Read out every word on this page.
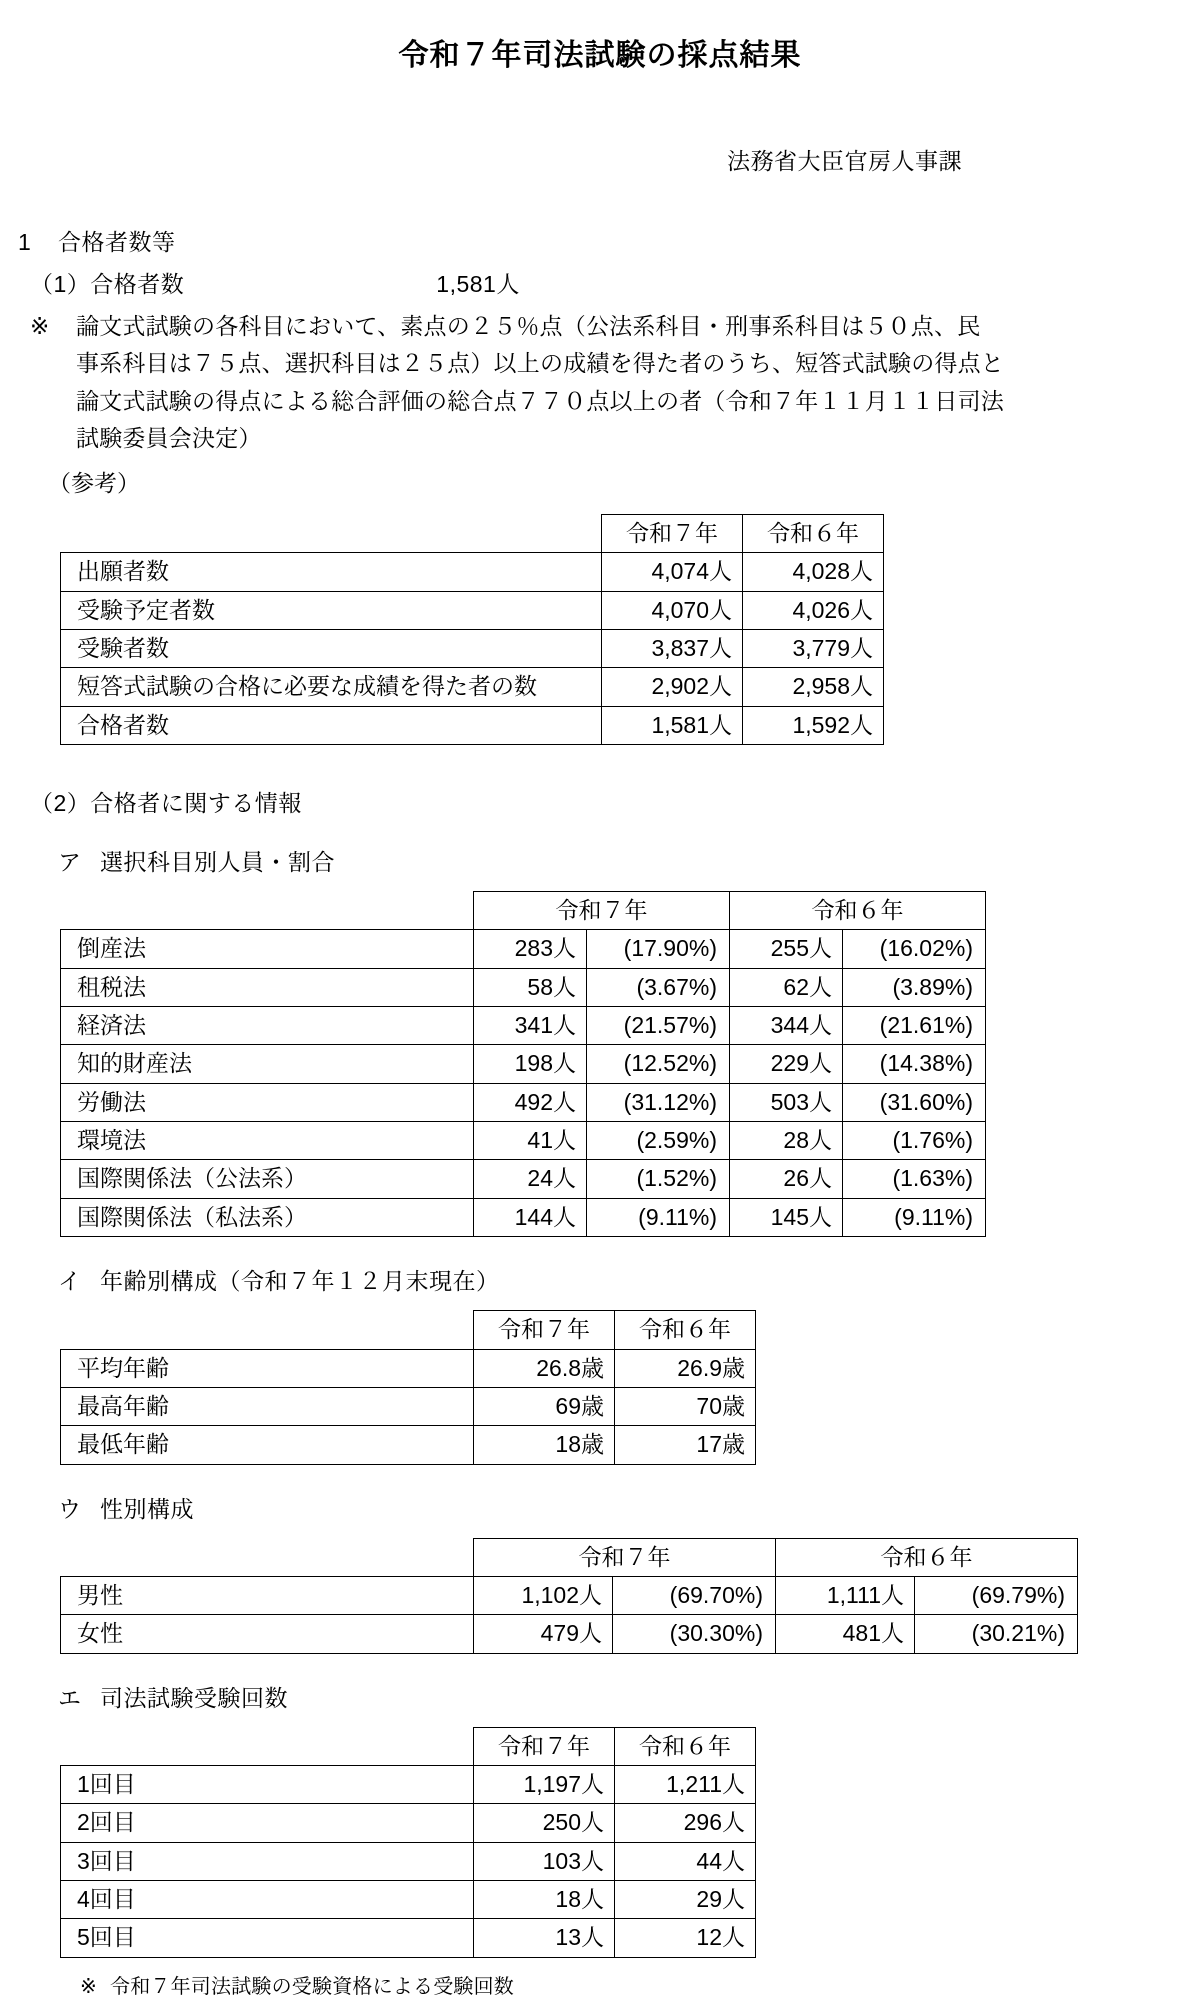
令和７年司法試験の採点結果
法務省大臣官房人事課
1 合格者数等
（1）合格者数	1,581人
※ 論文式試験の各科目において、素点の２５％点（公法系科目・刑事系科目は５０点、民
事系科目は７５点、選択科目は２５点）以上の成績を得た者のうち、短答式試験の得点と
論文式試験の得点による総合評価の総合点７７０点以上の者（令和７年１１月１１日司法
試験委員会決定）
（参考）
	令和７年	令和６年
出願者数	4,074人	4,028人
受験予定者数	4,070人	4,026人
受験者数	3,837人	3,779人
短答式試験の合格に必要な成績を得た者の数	2,902人	2,958人
合格者数	1,581人	1,592人
（2）合格者に関する情報
ア 選択科目別人員・割合
	令和７年		令和６年	
倒産法	283人	(17.90%)	255人	(16.02%)
租税法	58人	(3.67%)	62人	(3.89%)
経済法	341人	(21.57%)	344人	(21.61%)
知的財産法	198人	(12.52%)	229人	(14.38%)
労働法	492人	(31.12%)	503人	(31.60%)
環境法	41人	(2.59%)	28人	(1.76%)
国際関係法（公法系）	24人	(1.52%)	26人	(1.63%)
国際関係法（私法系）	144人	(9.11%)	145人	(9.11%)
イ 年齢別構成（令和７年１２月末現在）
	令和７年	令和６年
平均年齢	26.8歳	26.9歳
最高年齢	69歳	70歳
最低年齢	18歳	17歳
ウ 性別構成
	令和７年		令和６年	
男性	1,102人	(69.70%)	1,111人	(69.79%)
女性	479人	(30.30%)	481人	(30.21%)
エ 司法試験受験回数
	令和７年	令和６年
1回目	1,197人	1,211人
2回目	250人	296人
3回目	103人	44人
4回目	18人	29人
5回目	13人	12人
※ 令和７年司法試験の受験資格による受験回数
